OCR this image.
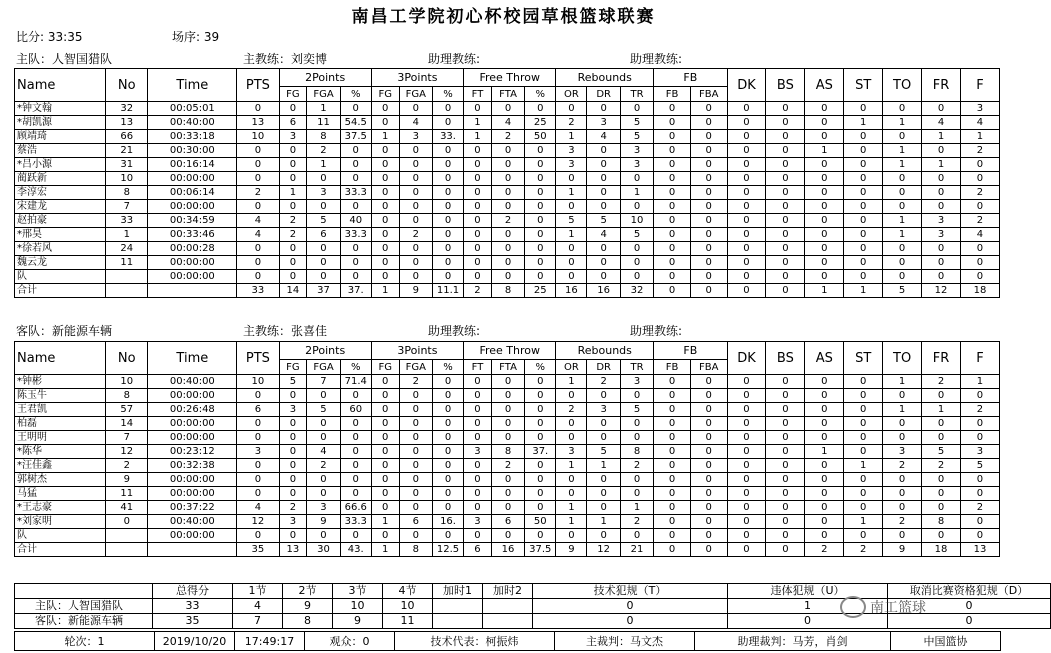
南昌工学院初心杯校园草根篮球联赛
比分: 33:35	场序: 39
主队：人智国猎队	主教练：刘奕博	助理教练:	助理教练:
Name	No	Time	PTS	2Points			3Points			Free Throw			Rebounds			FB		DK	BS	AS	ST	TO	FR	F
				FG	FGA	%	FG	FGA	%	FT	FTA	%	OR	DR	TR	FB	FBA							
*钟文翰	32	00:05:01	0	0	1	0	0	0	0	0	0	0	0	0	0	0	0	0	0	0	0	0	0	3
*胡凯源	13	00:40:00	13	6	11	54.5	0	4	0	1	4	25	2	3	5	0	0	0	0	0	1	1	4	4
顾靖琦	66	00:33:18	10	3	8	37.5	1	3	33.	1	2	50	1	4	5	0	0	0	0	0	0	0	1	1
蔡浩	21	00:30:00	0	0	2	0	0	0	0	0	0	0	3	0	3	0	0	0	0	1	0	1	0	2
*吕小源	31	00:16:14	0	0	1	0	0	0	0	0	0	0	3	0	3	0	0	0	0	0	0	1	1	0
蔺跃新	10	00:00:00	0	0	0	0	0	0	0	0	0	0	0	0	0	0	0	0	0	0	0	0	0	0
李淳宏	8	00:06:14	2	1	3	33.3	0	0	0	0	0	0	1	0	1	0	0	0	0	0	0	0	0	2
宋建龙	7	00:00:00	0	0	0	0	0	0	0	0	0	0	0	0	0	0	0	0	0	0	0	0	0	0
赵拍豪	33	00:34:59	4	2	5	40	0	0	0	0	2	0	5	5	10	0	0	0	0	0	0	1	3	2
*邢昊	1	00:33:46	4	2	6	33.3	0	2	0	0	0	0	1	4	5	0	0	0	0	0	0	1	3	4
*徐若风	24	00:00:28	0	0	0	0	0	0	0	0	0	0	0	0	0	0	0	0	0	0	0	0	0	0
魏云龙	11	00:00:00	0	0	0	0	0	0	0	0	0	0	0	0	0	0	0	0	0	0	0	0	0	0
队		00:00:00	0	0	0	0	0	0	0	0	0	0	0	0	0	0	0	0	0	0	0	0	0	0
合计			33	14	37	37.	1	9	11.1	2	8	25	16	16	32	0	0	0	0	1	1	5	12	18
客队：新能源车辆	主教练：张喜佳	助理教练:	助理教练:
Name	No	Time	PTS	2Points			3Points			Free Throw			Rebounds			FB		DK	BS	AS	ST	TO	FR	F
				FG	FGA	%	FG	FGA	%	FT	FTA	%	OR	DR	TR	FB	FBA							
*钟彬	10	00:40:00	10	5	7	71.4	0	2	0	0	0	0	1	2	3	0	0	0	0	0	0	1	2	1
陈玉牛	8	00:00:00	0	0	0	0	0	0	0	0	0	0	0	0	0	0	0	0	0	0	0	0	0	0
王君凯	57	00:26:48	6	3	5	60	0	0	0	0	0	0	2	3	5	0	0	0	0	0	0	1	1	2
柏磊	14	00:00:00	0	0	0	0	0	0	0	0	0	0	0	0	0	0	0	0	0	0	0	0	0	0
王明明	7	00:00:00	0	0	0	0	0	0	0	0	0	0	0	0	0	0	0	0	0	0	0	0	0	0
*陈华	12	00:23:12	3	0	4	0	0	0	0	3	8	37.	3	5	8	0	0	0	0	1	0	3	5	3
*汪佳鑫	2	00:32:38	0	0	2	0	0	0	0	0	2	0	1	1	2	0	0	0	0	0	1	2	2	5
郭树杰	9	00:00:00	0	0	0	0	0	0	0	0	0	0	0	0	0	0	0	0	0	0	0	0	0	0
马猛	11	00:00:00	0	0	0	0	0	0	0	0	0	0	0	0	0	0	0	0	0	0	0	0	0	0
*王志豪	41	00:37:22	4	2	3	66.6	0	0	0	0	0	0	1	0	1	0	0	0	0	0	0	0	0	2
*刘家明	0	00:40:00	12	3	9	33.3	1	6	16.	3	6	50	1	1	2	0	0	0	0	0	1	2	8	0
队		00:00:00	0	0	0	0	0	0	0	0	0	0	0	0	0	0	0	0	0	0	0	0	0	0
合计			35	13	30	43.	1	8	12.5	6	16	37.5	9	12	21	0	0	0	0	2	2	9	18	13
	总得分	1节	2节	3节	4节	加时1	加时2	技术犯规（T）	违体犯规（U）	取消比赛资格犯规（D）
主队：人智国猎队	33	4	9	10	10			0	1	0
客队：新能源车辆	35	7	8	9	11			0	0	0
南工篮球
轮次：1	2019/10/20	17:49:17	观众：0	技术代表：柯振炜	主裁判：马文杰	助理裁判：马芳，肖剑	中国篮协
